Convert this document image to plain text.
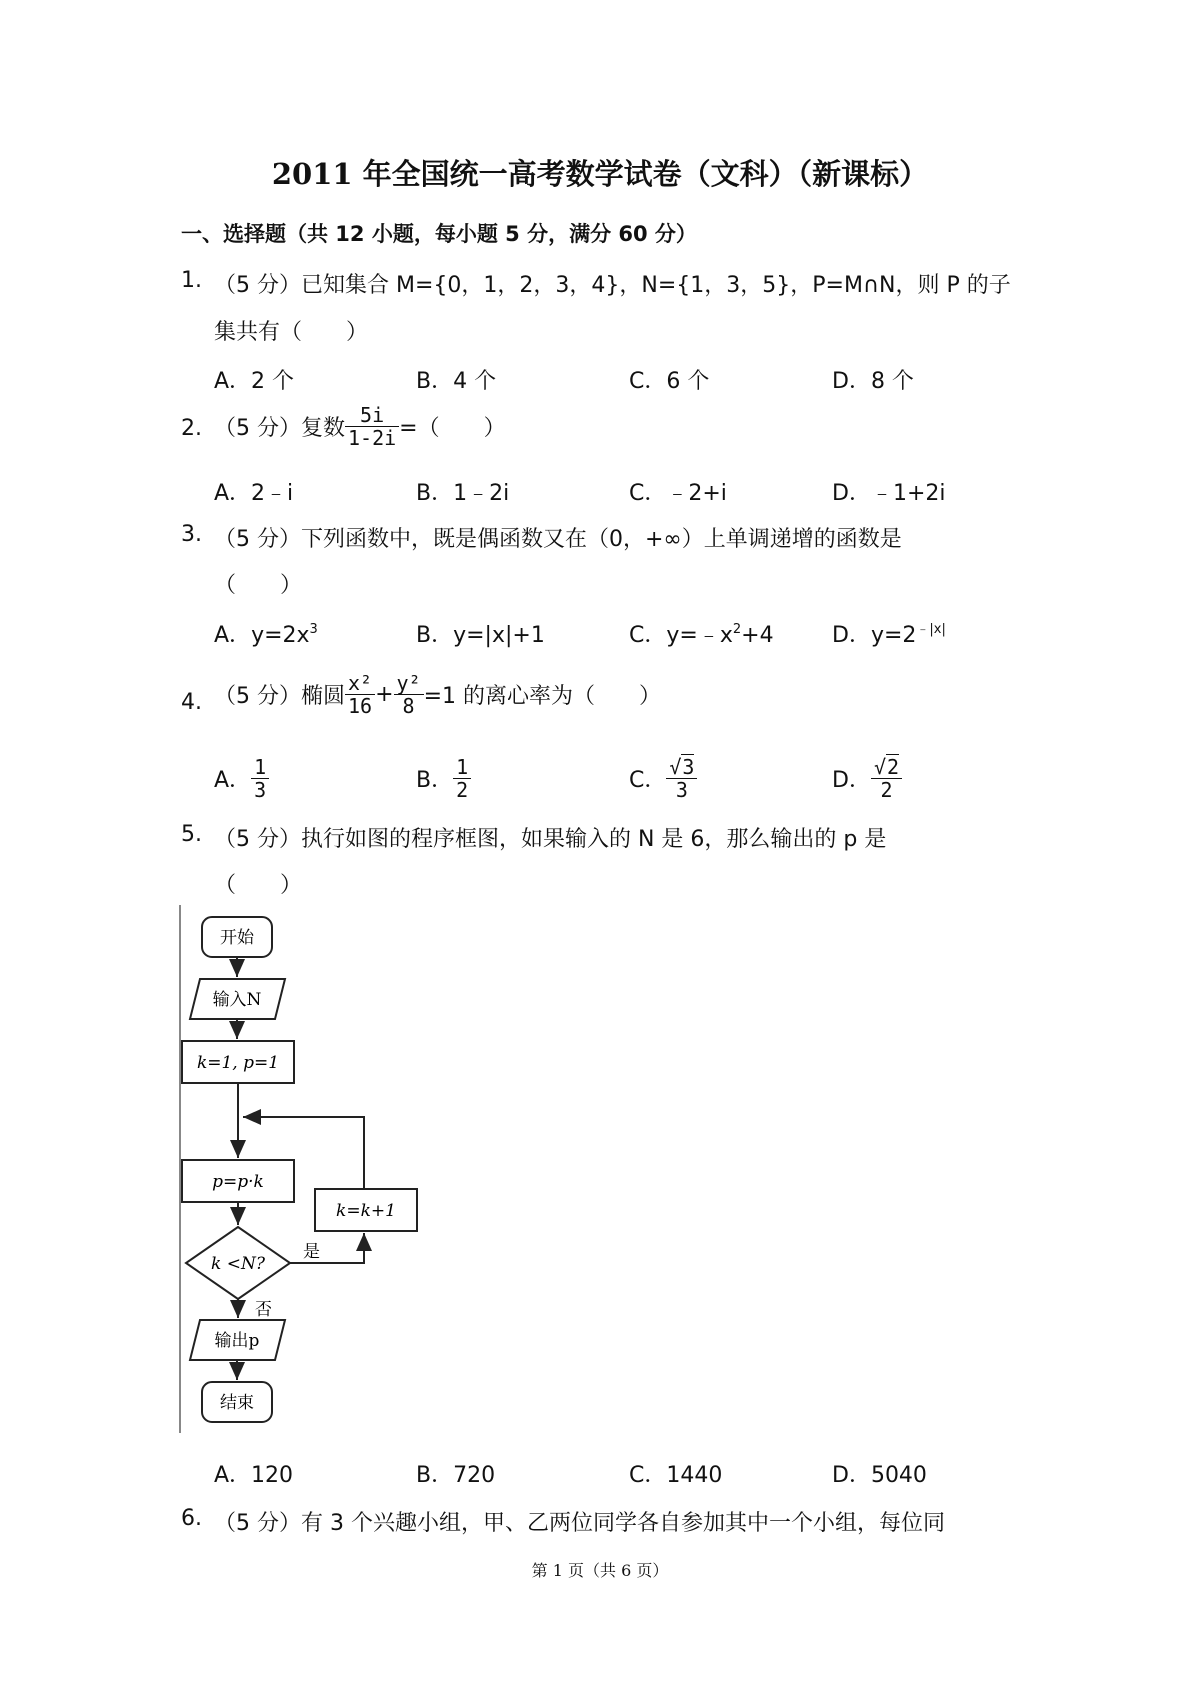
2011 年全国统一高考数学试卷（文科）（新课标）
一、选择题（共 12 小题，每小题 5 分，满分 60 分）
1. （5 分）已知集合 M={0，1，2，3，4}，N={1，3，5}，P=M∩N，则 P 的子
集共有（　　）
A．2 个	B．4 个	C．6 个	D．8 个
2. （5 分）复数 $\frac{5i}{1-2i}$ =（　　）
A．2﹣i	B．1﹣2i	C．﹣2+i	D．﹣1+2i
3. （5 分）下列函数中，既是偶函数又在（0，+∞）上单调递增的函数是
（　　）
A．$y=2x^3$	B．y=|x|+1	C．$y=﹣x^2+4$	D．$y=2^{﹣|x|}$
4. （5 分）椭圆 $\frac{\text{x²}}{16} + \frac{\text{y²}}{8} =1$ 的离心率为（　　）
A． $\frac{1}{3}$	B． $\frac{1}{2}$	C． $\frac{√3}{3}$	D． $\frac{√2}{2}$
5. （5 分）执行如图的程序框图，如果输入的 N 是 6，那么输出的 p 是
（　　）
开始
输入N
k=1, p=1
p=p·k
k <N?
是
k=k+1
否
输出p
结束
A．120	B．720	C．1440	D．5040
6. （5 分）有 3 个兴趣小组，甲、乙两位同学各自参加其中一个小组，每位同
第 1 页（共 6 页）
